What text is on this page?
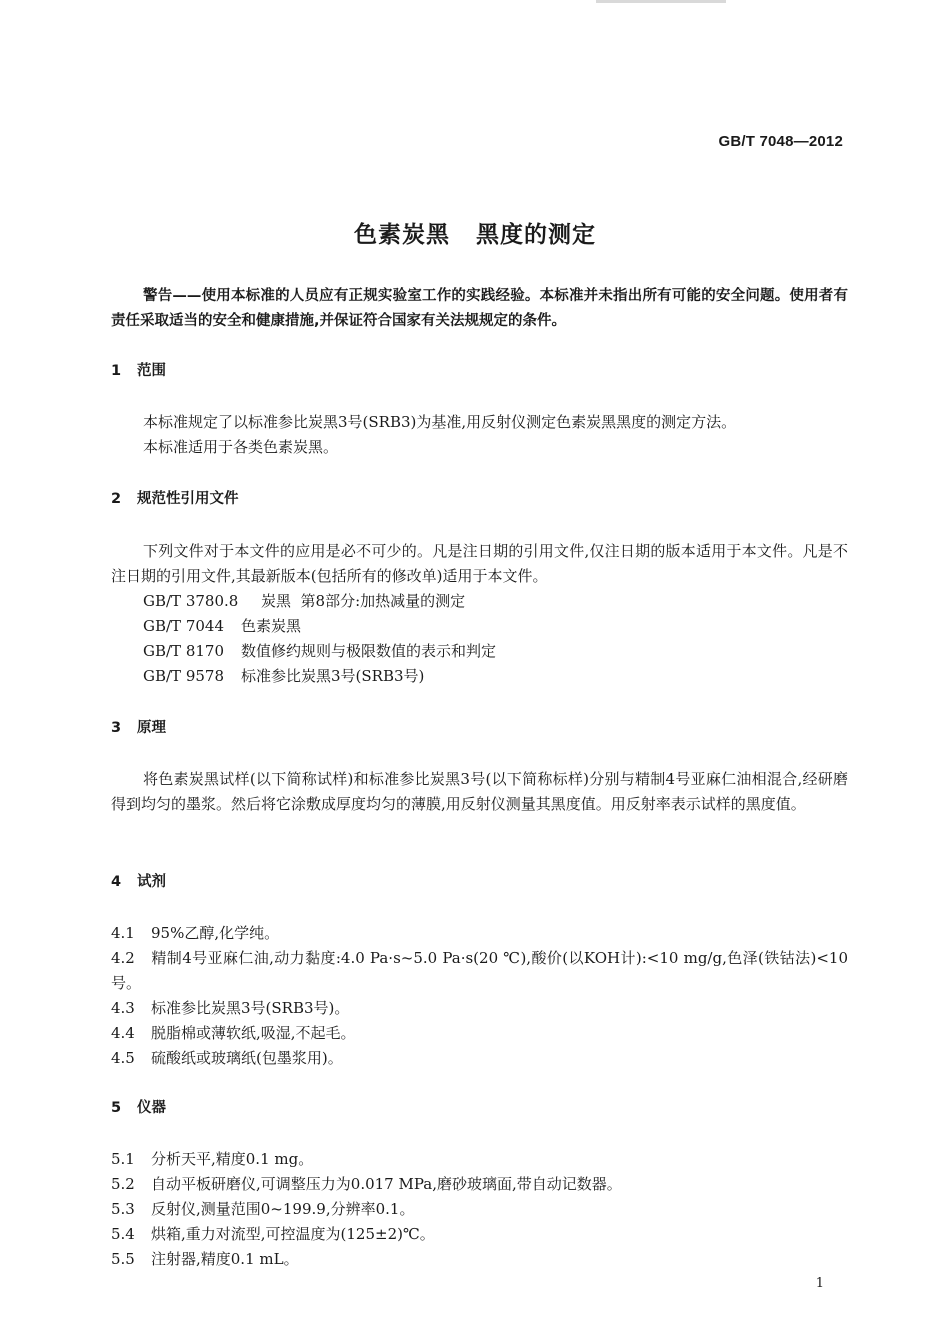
GB/T 7048—2012
色素炭黑 黑度的测定

警告——使用本标准的人员应有正规实验室工作的实践经验。本标准并未指出所有可能的安全问题。使用者有责任采取适当的安全和健康措施,并保证符合国家有关法规规定的条件。

1 范围

本标准规定了以标准参比炭黑3号(SRB3)为基准,用反射仪测定色素炭黑黑度的测定方法。

本标准适用于各类色素炭黑。

2 规范性引用文件

下列文件对于本文件的应用是必不可少的。凡是注日期的引用文件,仅注日期的版本适用于本文件。凡是不注日期的引用文件,其最新版本(包括所有的修改单)适用于本文件。

GB/T 3780.8 炭黑  第8部分:加热减量的测定
GB/T 7044 色素炭黑
GB/T 8170 数值修约规则与极限数值的表示和判定
GB/T 9578 标准参比炭黑3号(SRB3号)
3 原理

将色素炭黑试样(以下简称试样)和标准参比炭黑3号(以下简称标样)分别与精制4号亚麻仁油相混合,经研磨得到均匀的墨浆。然后将它涂敷成厚度均匀的薄膜,用反射仪测量其黑度值。用反射率表示试样的黑度值。

4 试剂
4.1 95%乙醇,化学纯。
4.2 精制4号亚麻仁油,动力黏度:4.0 Pa·s~5.0 Pa·s(20 ℃),酸价(以KOH计):<10 mg/g,色泽(铁钴法)<10号。
4.3 标准参比炭黑3号(SRB3号)。
4.4 脱脂棉或薄软纸,吸湿,不起毛。
4.5 硫酸纸或玻璃纸(包墨浆用)。
5 仪器
5.1 分析天平,精度0.1 mg。
5.2 自动平板研磨仪,可调整压力为0.017 MPa,磨砂玻璃面,带自动记数器。
5.3 反射仪,测量范围0~199.9,分辨率0.1。
5.4 烘箱,重力对流型,可控温度为(125±2)℃。
5.5 注射器,精度0.1 mL。
1
